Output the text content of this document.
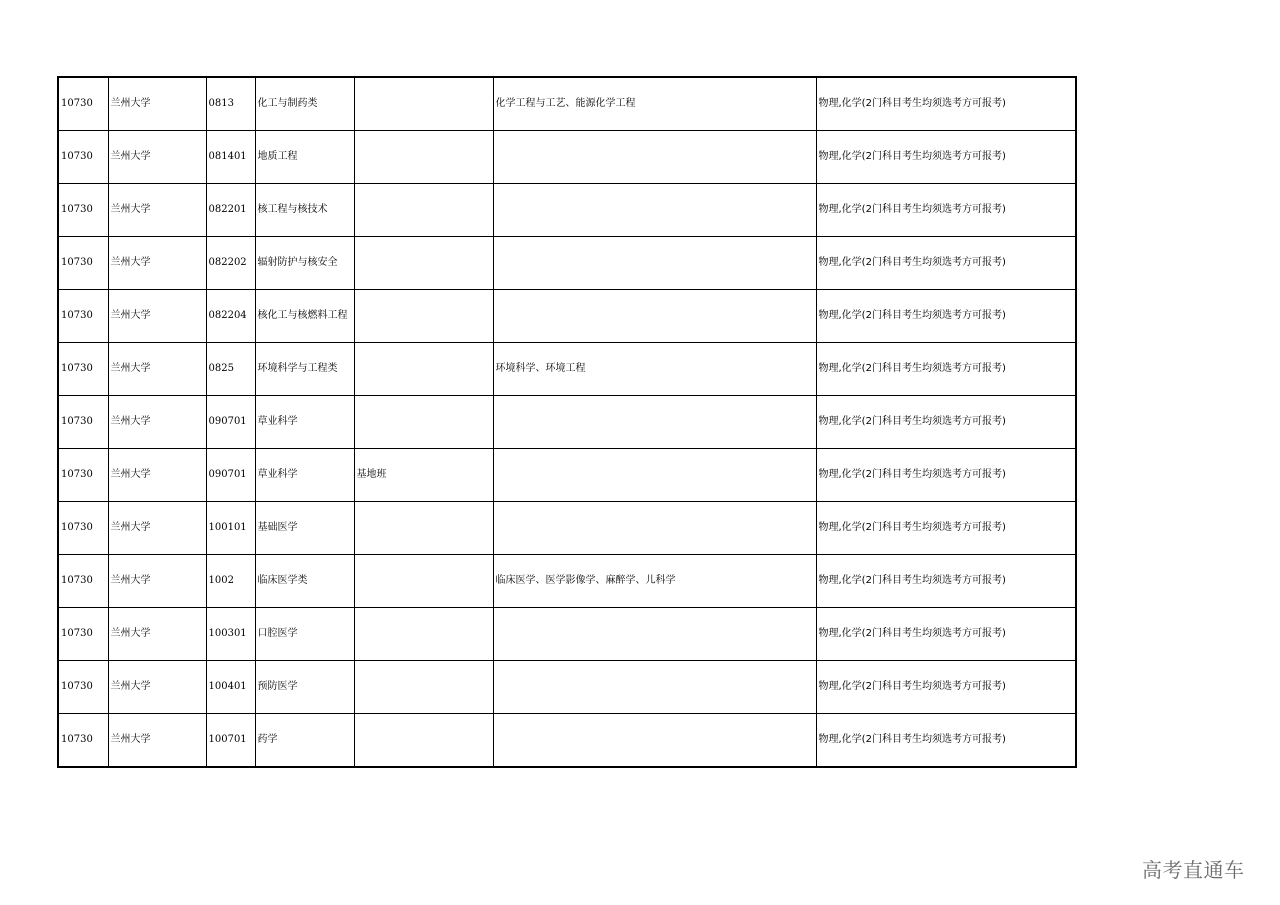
10730	兰州大学	0813	化工与制药类		化学工程与工艺、能源化学工程	物理,化学(2门科目考生均须选考方可报考)
10730	兰州大学	081401	地质工程			物理,化学(2门科目考生均须选考方可报考)
10730	兰州大学	082201	核工程与核技术			物理,化学(2门科目考生均须选考方可报考)
10730	兰州大学	082202	辐射防护与核安全			物理,化学(2门科目考生均须选考方可报考)
10730	兰州大学	082204	核化工与核燃料工程			物理,化学(2门科目考生均须选考方可报考)
10730	兰州大学	0825	环境科学与工程类		环境科学、环境工程	物理,化学(2门科目考生均须选考方可报考)
10730	兰州大学	090701	草业科学			物理,化学(2门科目考生均须选考方可报考)
10730	兰州大学	090701	草业科学	基地班		物理,化学(2门科目考生均须选考方可报考)
10730	兰州大学	100101	基础医学			物理,化学(2门科目考生均须选考方可报考)
10730	兰州大学	1002	临床医学类		临床医学、医学影像学、麻醉学、儿科学	物理,化学(2门科目考生均须选考方可报考)
10730	兰州大学	100301	口腔医学			物理,化学(2门科目考生均须选考方可报考)
10730	兰州大学	100401	预防医学			物理,化学(2门科目考生均须选考方可报考)
10730	兰州大学	100701	药学			物理,化学(2门科目考生均须选考方可报考)
高考直通车
